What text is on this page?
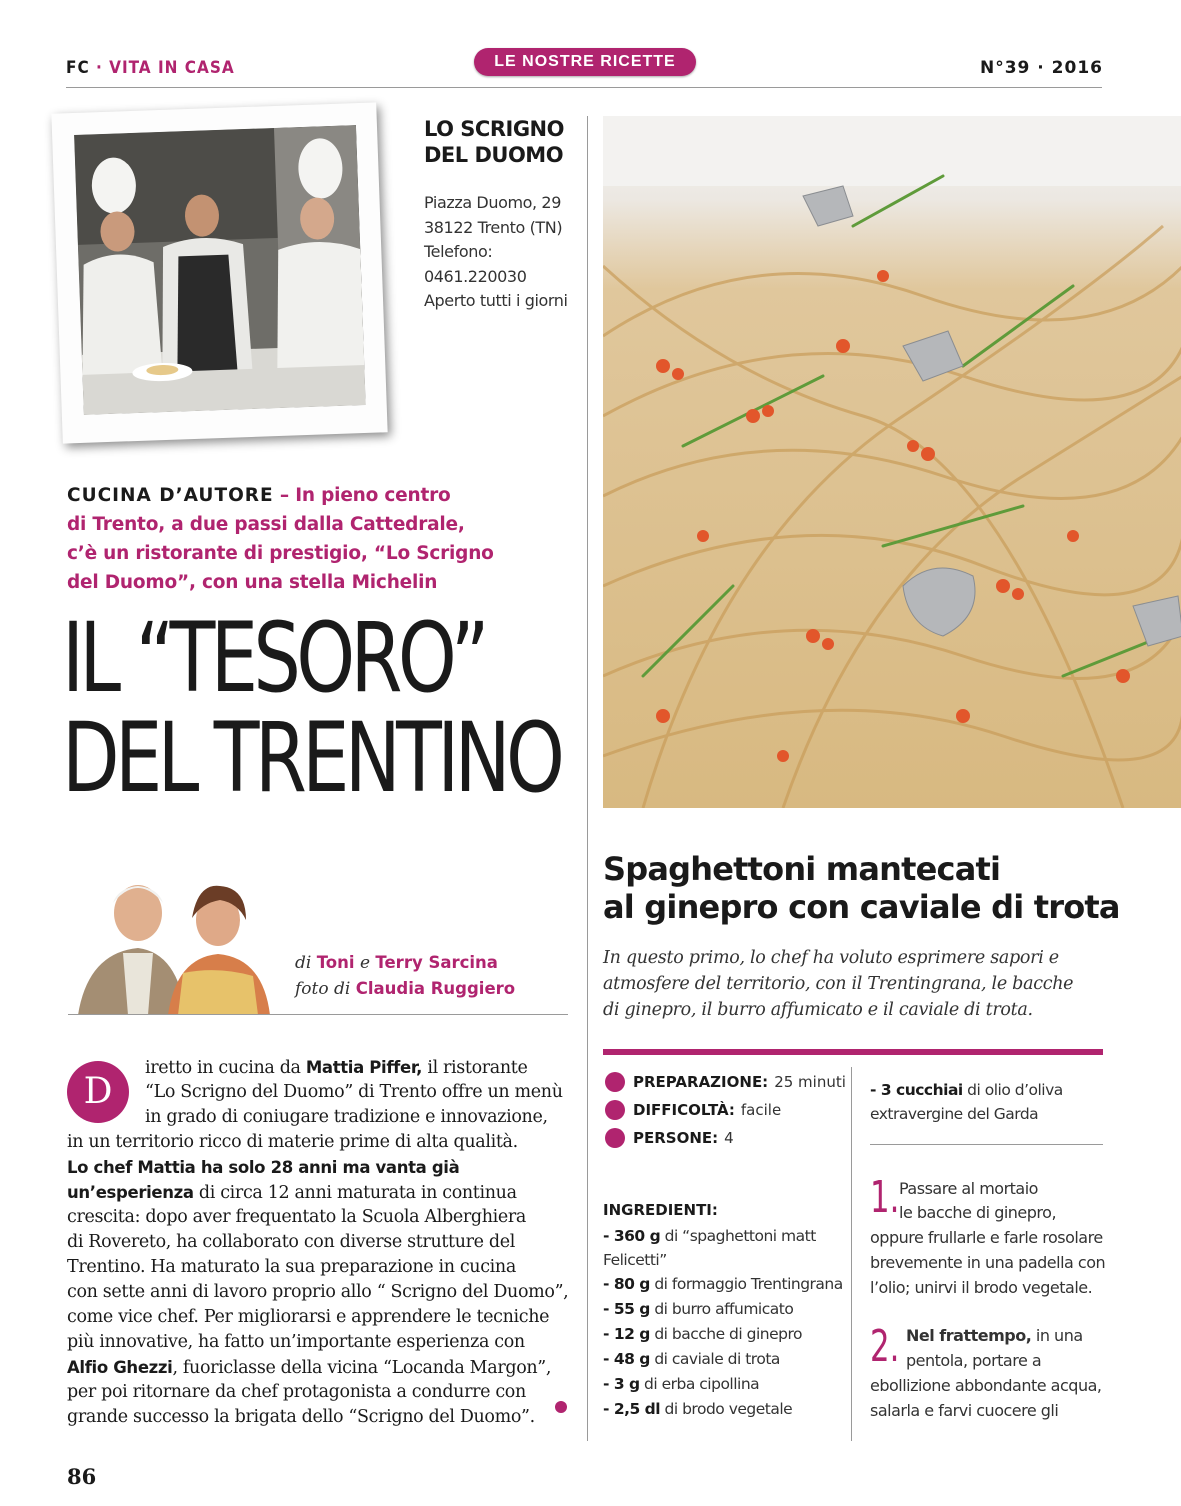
FC · VITA IN CASA	LE NOSTRE RICETTE	N°39 · 2016
LO SCRIGNO
DEL DUOMO
Piazza Duomo, 29
38122 Trento (TN)
Telefono:
0461.220030
Aperto tutti i giorni
CUCINA D’AUTORE – In pieno centro
di Trento, a due passi dalla Cattedrale,
c’è un ristorante di prestigio, “Lo Scrigno
del Duomo”, con una stella Michelin
IL “TESORO”
DEL TRENTINO
di Toni e Terry Sarcina
foto di Claudia Ruggiero
D
iretto in cucina da Mattia Piffer, il ristorante
“Lo Scrigno del Duomo” di Trento offre un menù
in grado di coniugare tradizione e innovazione,
in un territorio ricco di materie prime di alta qualità.
Lo chef Mattia ha solo 28 anni ma vanta già
un’esperienza di circa 12 anni maturata in continua
crescita: dopo aver frequentato la Scuola Alberghiera
di Rovereto, ha collaborato con diverse strutture del
Trentino. Ha maturato la sua preparazione in cucina
con sette anni di lavoro proprio allo “ Scrigno del Duomo”,
come vice chef. Per migliorarsi e apprendere le tecniche
più innovative, ha fatto un’importante esperienza con
Alfio Ghezzi, fuoriclasse della vicina “Locanda Margon”,
per poi ritornare da chef protagonista a condurre con
grande successo la brigata dello “Scrigno del Duomo”.
86
Spaghettoni mantecati
al ginepro con caviale di trota
In questo primo, lo chef ha voluto esprimere sapori e
atmosfere del territorio, con il Trentingrana, le bacche
di ginepro, il burro affumicato e il caviale di trota.
PREPARAZIONE: 25 minuti
DIFFICOLTÀ: facile
PERSONE: 4
INGREDIENTI:
- 360 g di “spaghettoni matt
Felicetti”
- 80 g di formaggio Trentingrana
- 55 g di burro affumicato
- 12 g di bacche di ginepro
- 48 g di caviale di trota
- 3 g di erba cipollina
- 2,5 dl di brodo vegetale
- 3 cucchiai di olio d’oliva
extravergine del Garda
1. Passare al mortaio
le bacche di ginepro,
oppure frullarle e farle rosolare
brevemente in una padella con
l’olio; unirvi il brodo vegetale.
2. Nel frattempo, in una
pentola, portare a
ebollizione abbondante acqua,
salarla e farvi cuocere gli
